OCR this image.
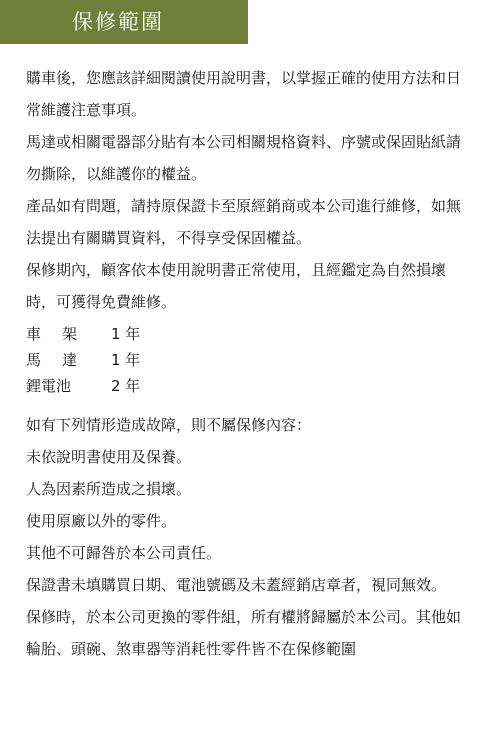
保修範圍

購車後，您應該詳細閱讀使用說明書，以掌握正確的使用方法和日常維護注意事項。

馬達或相關電器部分貼有本公司相關規格資料、序號或保固貼紙請勿撕除，以維護你的權益。

產品如有問題，請持原保證卡至原經銷商或本公司進行維修，如無法提出有關購買資料，不得享受保固權益。

保修期內，顧客依本使用說明書正常使用，且經鑑定為自然損壞時，可獲得免費維修。

車架 1 年
馬達 1 年
鋰電池	2 年

如有下列情形造成故障，則不屬保修內容：

未依說明書使用及保養。

人為因素所造成之損壞。

使用原廠以外的零件。

其他不可歸咎於本公司責任。

保證書未填購買日期、電池號碼及未蓋經銷店章者，視同無效。

保修時，於本公司更換的零件組，所有權將歸屬於本公司。其他如輪胎、頭碗、煞車器等消耗性零件皆不在保修範圍
